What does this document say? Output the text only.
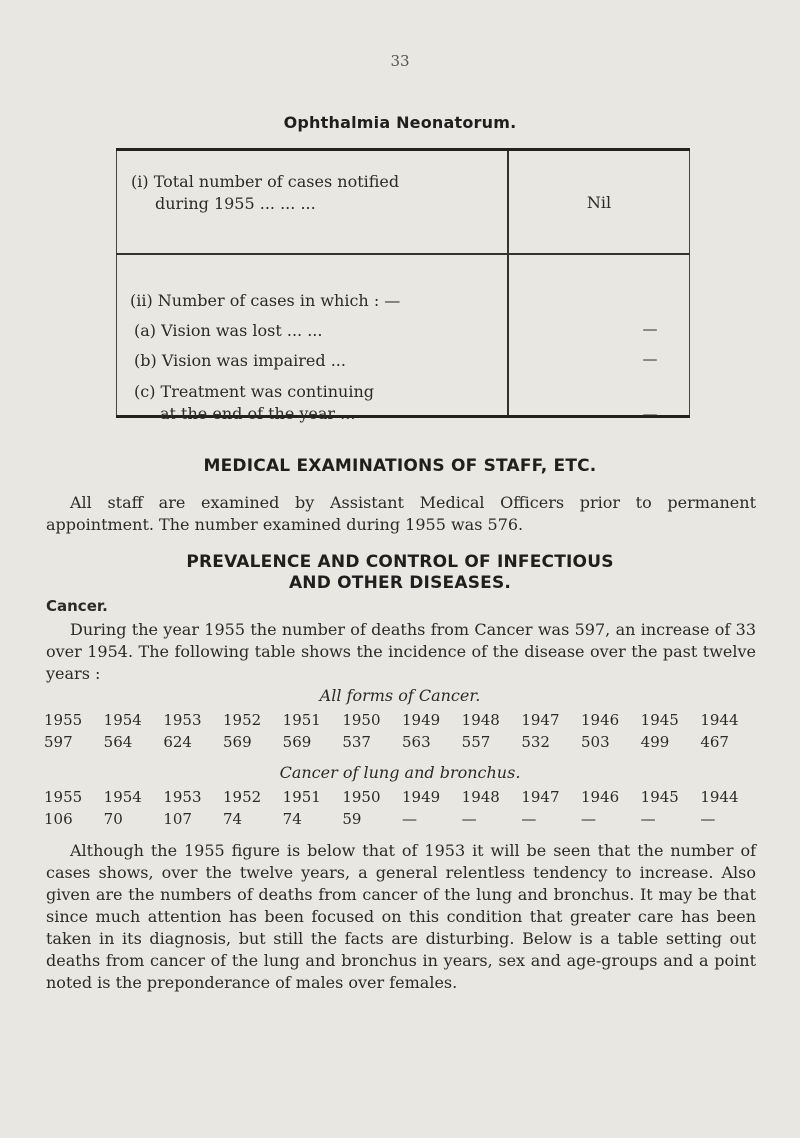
33
Ophthalmia Neonatorum.
(i) Total number of cases notified
during 1955 ... ... ...	Nil

(ii) Number of cases in which : —
(a) Vision was lost ... ...	—
(b) Vision was impaired ...	—
(c) Treatment was continuing
at the end of the year ...	—
MEDICAL EXAMINATIONS OF STAFF, ETC.
All staff are examined by Assistant Medical Officers prior to permanent appointment. The number examined during 1955 was 576.
PREVALENCE AND CONTROL OF INFECTIOUS
AND OTHER DISEASES.
Cancer.
During the year 1955 the number of deaths from Cancer was 597, an increase of 33 over 1954. The following table shows the incidence of the disease over the past twelve years :
All forms of Cancer.
1955	1954	1953	1952	1951	1950	1949	1948	1947	1946	1945	1944
597	564	624	569	569	537	563	557	532	503	499	467
Cancer of lung and bronchus.
1955	1954	1953	1952	1951	1950	1949	1948	1947	1946	1945	1944
106	70	107	74	74	59	—	—	—	—	—	—
Although the 1955 figure is below that of 1953 it will be seen that the number of cases shows, over the twelve years, a general relentless tendency to increase. Also given are the numbers of deaths from cancer of the lung and bronchus. It may be that since much attention has been focused on this condition that greater care has been taken in its diagnosis, but still the facts are disturbing. Below is a table setting out deaths from cancer of the lung and bronchus in years, sex and age-groups and a point noted is the preponderance of males over females.
